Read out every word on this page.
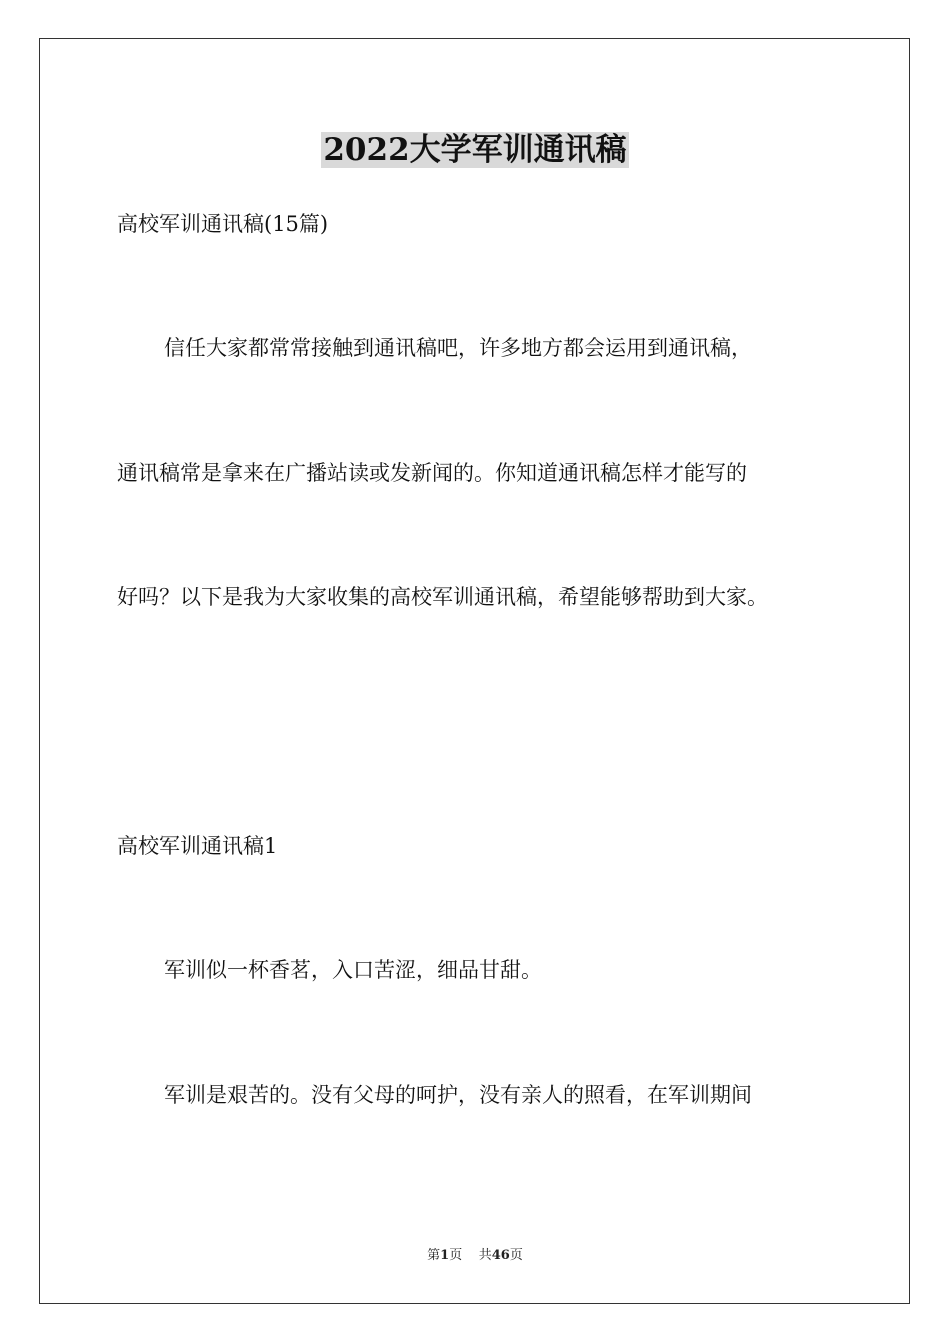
2022大学军训通讯稿
高校军训通讯稿(15篇)
信任大家都常常接触到通讯稿吧，许多地方都会运用到通讯稿，
通讯稿常是拿来在广播站读或发新闻的。你知道通讯稿怎样才能写的
好吗？以下是我为大家收集的高校军训通讯稿，希望能够帮助到大家。
高校军训通讯稿1
军训似一杯香茗，入口苦涩，细品甘甜。
军训是艰苦的。没有父母的呵护，没有亲人的照看，在军训期间
第1页 共46页
